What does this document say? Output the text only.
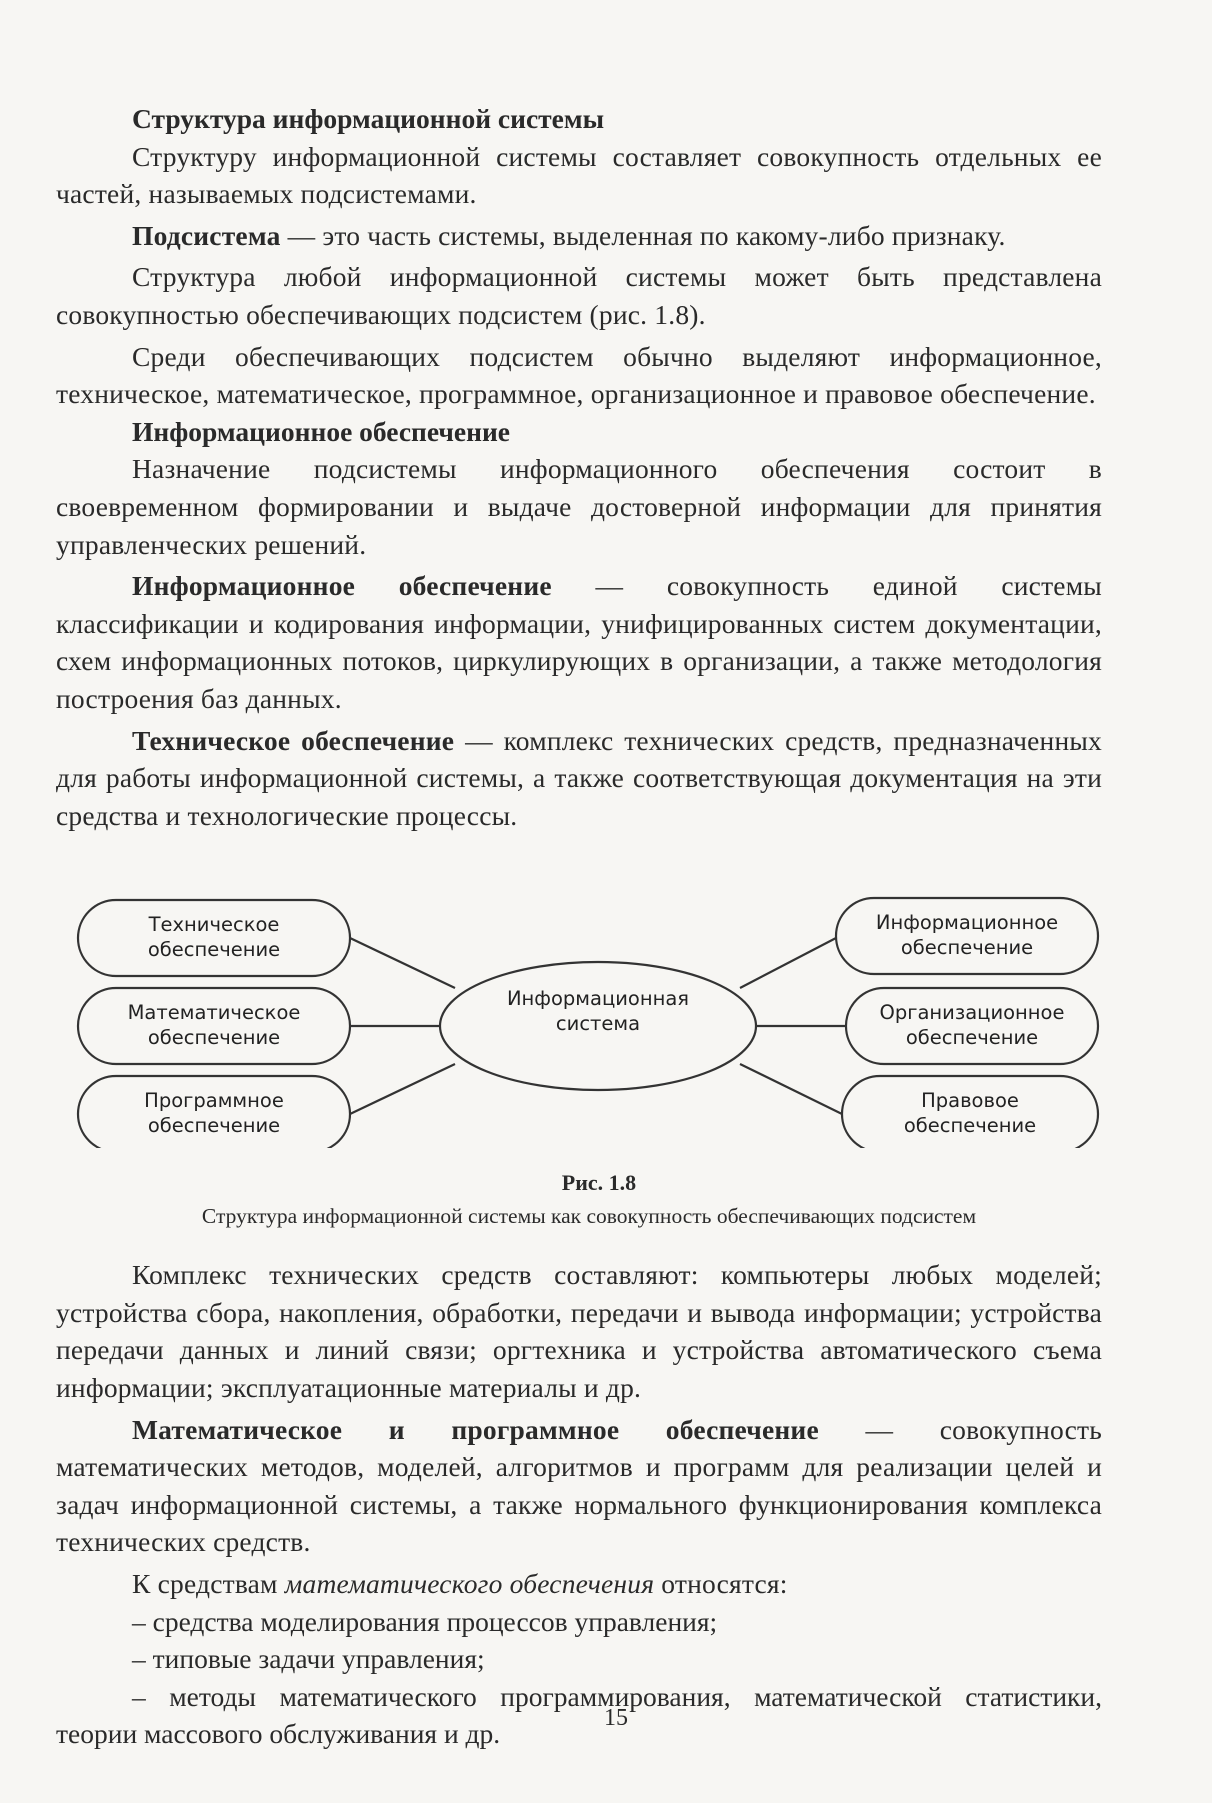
Структура информационной системы

Структуру информационной системы составляет совокупность отдельных ее частей, называемых подсистемами.

Подсистема — это часть системы, выделенная по какому-либо признаку.

Структура любой информационной системы может быть представлена совокупностью обеспечивающих подсистем (рис. 1.8).

Среди обеспечивающих подсистем обычно выделяют информационное, техническое, математическое, программное, организационное и правовое обеспечение.

Информационное обеспечение

Назначение подсистемы информационного обеспечения состоит в своевременном формировании и выдаче достоверной информации для принятия управленческих решений.

Информационное обеспечение — совокупность единой системы классификации и кодирования информации, унифицированных систем документации, схем информационных потоков, циркулирующих в организации, а также методология построения баз данных.

Техническое обеспечение — комплекс технических средств, предназначенных для работы информационной системы, а также соответствующая документация на эти средства и технологические процессы.

Информационная
система
Техническое
обеспечение
Математическое
обеспечение
Программное
обеспечение
Информационное
обеспечение
Организационное
обеспечение
Правовое
обеспечение

Рис. 1.8

Структура информационной системы как совокупность обеспечивающих подсистем

Комплекс технических средств составляют: компьютеры любых моделей; устройства сбора, накопления, обработки, передачи и вывода информации; устройства передачи данных и линий связи; оргтехника и устройства автоматического съема информации; эксплуатационные материалы и др.

Математическое и программное обеспечение — совокупность математических методов, моделей, алгоритмов и программ для реализации целей и задач информационной системы, а также нормального функционирования комплекса технических средств.

К средствам математического обеспечения относятся:

– средства моделирования процессов управления;

– типовые задачи управления;

– методы математического программирования, математической статистики, теории массового обслуживания и др.

15
